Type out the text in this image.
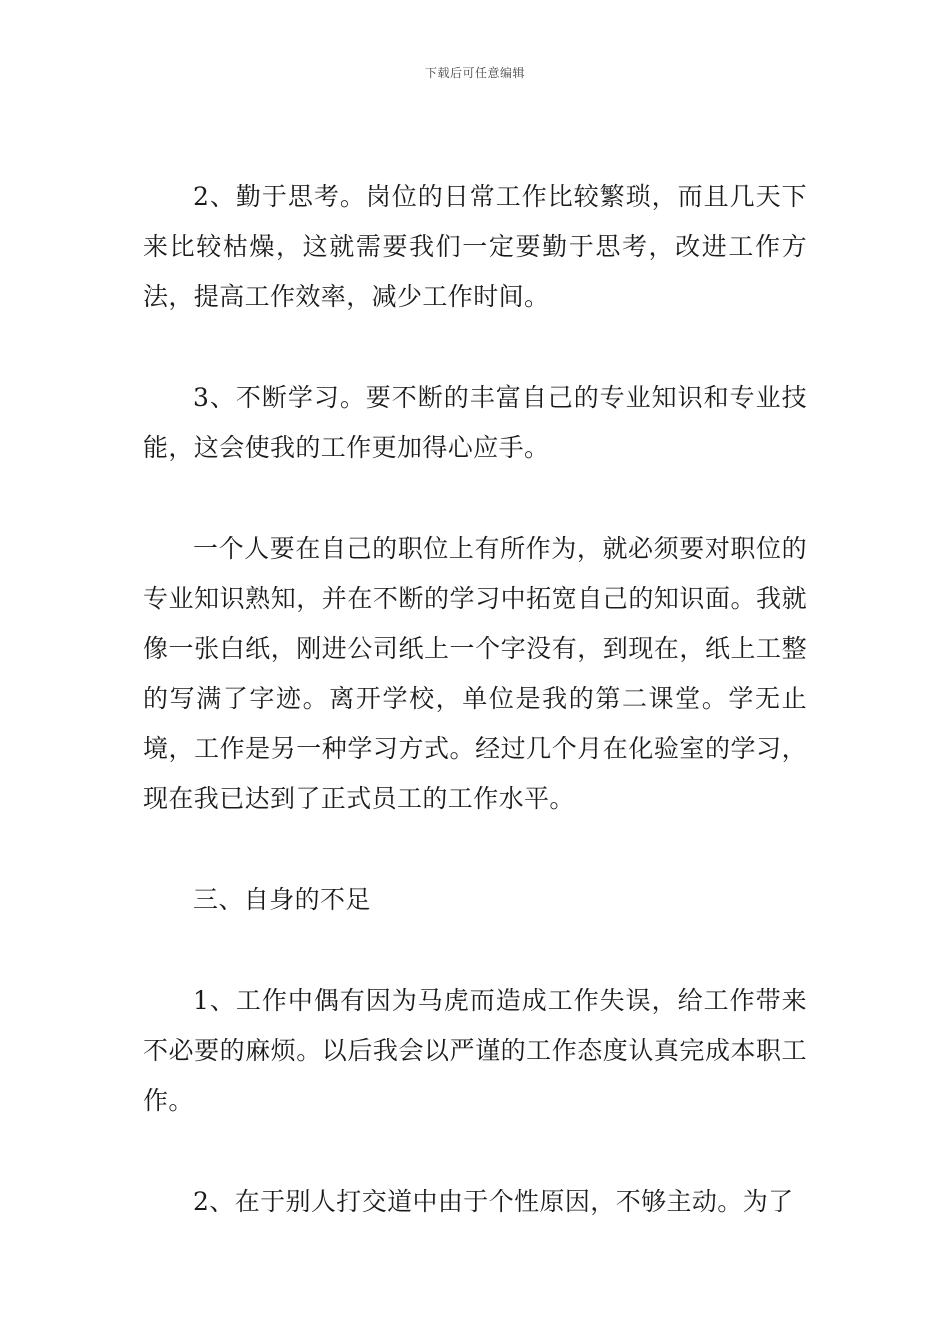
下载后可任意编辑

2、勤于思考。岗位的日常工作比较繁琐，而且几天下来比较枯燥，这就需要我们一定要勤于思考，改进工作方法，提高工作效率，减少工作时间。

3、不断学习。要不断的丰富自己的专业知识和专业技能，这会使我的工作更加得心应手。

一个人要在自己的职位上有所作为，就必须要对职位的专业知识熟知，并在不断的学习中拓宽自己的知识面。我就像一张白纸，刚进公司纸上一个字没有，到现在，纸上工整的写满了字迹。离开学校，单位是我的第二课堂。学无止境，工作是另一种学习方式。经过几个月在化验室的学习，现在我已达到了正式员工的工作水平。

三、自身的不足

1、工作中偶有因为马虎而造成工作失误，给工作带来不必要的麻烦。以后我会以严谨的工作态度认真完成本职工作。

2、在于别人打交道中由于个性原因，不够主动。为了
